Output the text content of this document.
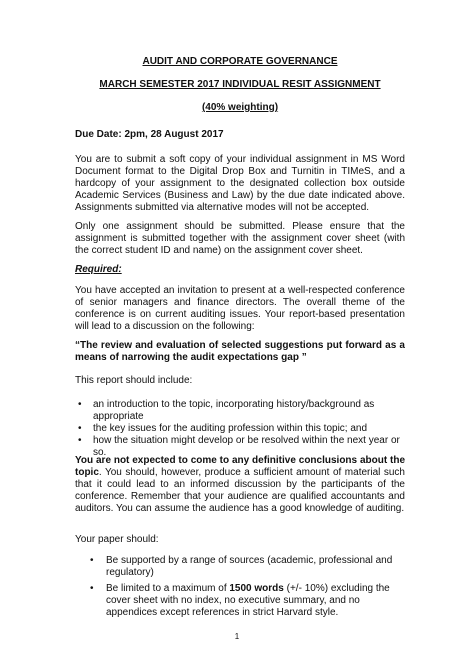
AUDIT AND CORPORATE GOVERNANCE

MARCH SEMESTER 2017 INDIVIDUAL RESIT ASSIGNMENT

(40% weighting)

Due Date: 2pm, 28 August 2017

You are to submit a soft copy of your individual assignment in MS Word Document format to the Digital Drop Box and Turnitin in TIMeS, and a hardcopy of your assignment to the designated collection box outside Academic Services (Business and Law) by the due date indicated above. Assignments submitted via alternative modes will not be accepted.

Only one assignment should be submitted. Please ensure that the assignment is submitted together with the assignment cover sheet (with the correct student ID and name) on the assignment cover sheet.

Required:

You have accepted an invitation to present at a well-respected conference of senior managers and finance directors. The overall theme of the conference is on current auditing issues. Your report-based presentation will lead to a discussion on the following:

“The review and evaluation of selected suggestions put forward as a means of narrowing the audit expectations gap ”

This report should include:

• an introduction to the topic, incorporating history/background as appropriate
• the key issues for the auditing profession within this topic; and
• how the situation might develop or be resolved within the next year or so.

You are not expected to come to any definitive conclusions about the topic. You should, however, produce a sufficient amount of material such that it could lead to an informed discussion by the participants of the conference. Remember that your audience are qualified accountants and auditors. You can assume the audience has a good knowledge of auditing.

Your paper should:

• Be supported by a range of sources (academic, professional and regulatory)
• Be limited to a maximum of 1500 words (+/- 10%) excluding the cover sheet with no index, no executive summary, and no appendices except references in strict Harvard style.
1
